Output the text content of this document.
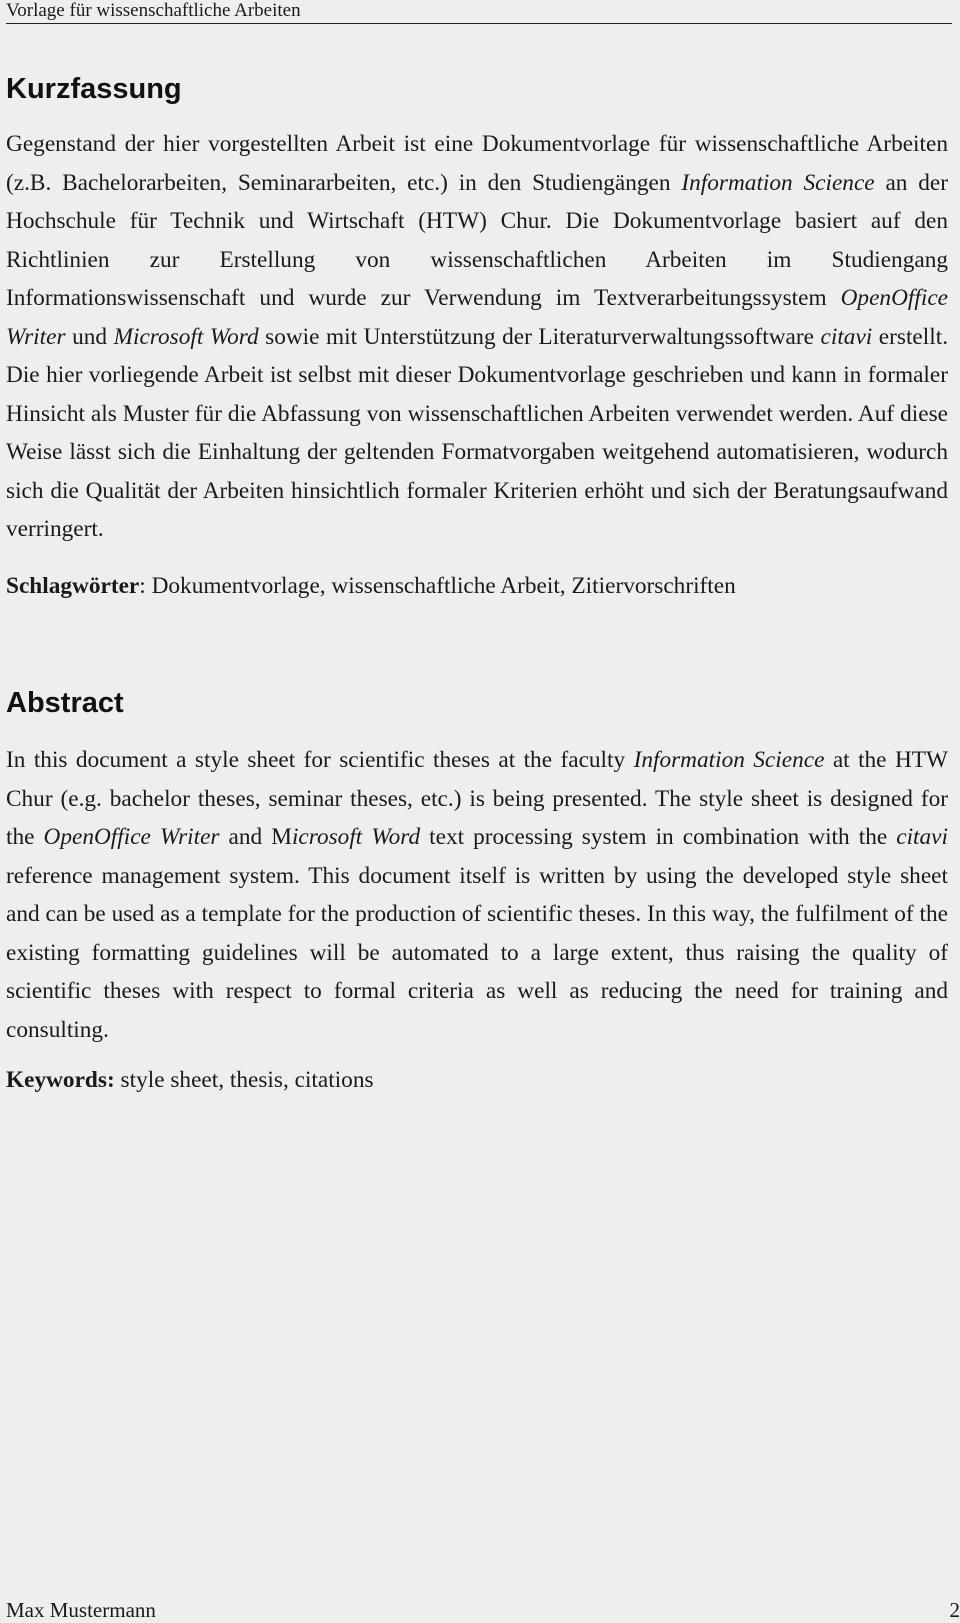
Vorlage für wissenschaftliche Arbeiten
Kurzfassung

Gegenstand der hier vorgestellten Arbeit ist eine Dokumentvorlage für wissenschaftliche Arbeiten (z.B. Bachelorarbeiten, Seminararbeiten, etc.) in den Studiengängen Information Science an der Hochschule für Technik und Wirtschaft (HTW) Chur. Die Dokumentvorlage basiert auf den Richtlinien zur Erstellung von wissenschaftlichen Arbeiten im Studiengang Informationswissenschaft und wurde zur Verwendung im Textverarbeitungssystem OpenOffice Writer und Microsoft Word sowie mit Unterstützung der Literaturverwaltungssoftware citavi erstellt. Die hier vorliegende Arbeit ist selbst mit dieser Dokumentvorlage geschrieben und kann in formaler Hinsicht als Muster für die Abfassung von wissenschaftlichen Arbeiten verwendet werden. Auf diese Weise lässt sich die Einhaltung der geltenden Formatvorgaben weitgehend automatisieren, wodurch sich die Qualität der Arbeiten hinsichtlich formaler Kriterien erhöht und sich der Beratungsaufwand verringert.

Schlagwörter: Dokumentvorlage, wissenschaftliche Arbeit, Zitiervorschriften

Abstract

In this document a style sheet for scientific theses at the faculty Information Science at the HTW Chur (e.g. bachelor theses, seminar theses, etc.) is being presented. The style sheet is designed for the OpenOffice Writer and Microsoft Word text processing system in combination with the citavi reference management system. This document itself is written by using the developed style sheet and can be used as a template for the production of scientific theses. In this way, the fulfilment of the existing formatting guidelines will be automated to a large extent, thus raising the quality of scientific theses with respect to formal criteria as well as reducing the need for training and consulting.

Keywords: style sheet, thesis, citations

Max Mustermann	2
